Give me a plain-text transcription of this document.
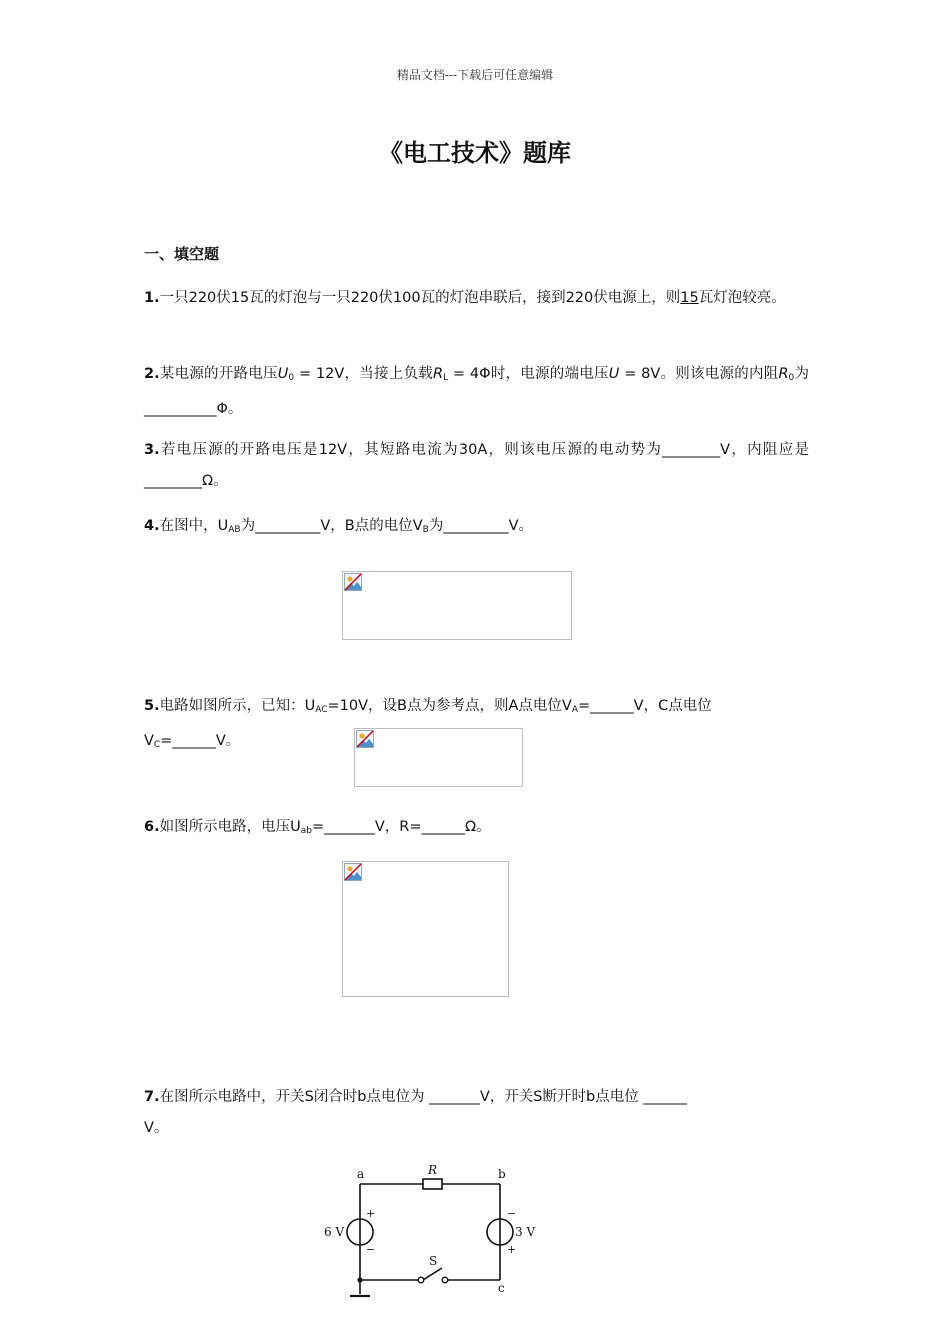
精品文档---下载后可任意编辑
《电工技术》题库
一、填空题
1.一只220伏15瓦的灯泡与一只220伏100瓦的灯泡串联后，接到220伏电源上，则15瓦灯泡较亮。
2.某电源的开路电压$U_0 = 12V$，当接上负载$R_L = 4\Phi$时，电源的端电压U = 8V。则该电源的内阻$R_0$为__________Φ。
3.若电压源的开路电压是12V，其短路电流为30A，则该电压源的电动势为________V，内阻应是________Ω。
4.在图中，$U_{AB}$为_________V，B点的电位$V_B$为_________V。
5.电路如图所示，已知：$U_{AC}=10V$，设B点为参考点，则A点电位$V_A=\_\_\_\_\_\_V$，C点电位
$V_C=\_\_\_\_\_\_V$。
6.如图所示电路，电压$U_{ab}=\_\_\_\_\_\_\_V$，R=______Ω。
7.在图所示电路中，开关S闭合时b点电位为 _______V，开关S断开时b点电位 ______
V。
a	b
c
R
6 V	3 V
S
+
−
−
+
